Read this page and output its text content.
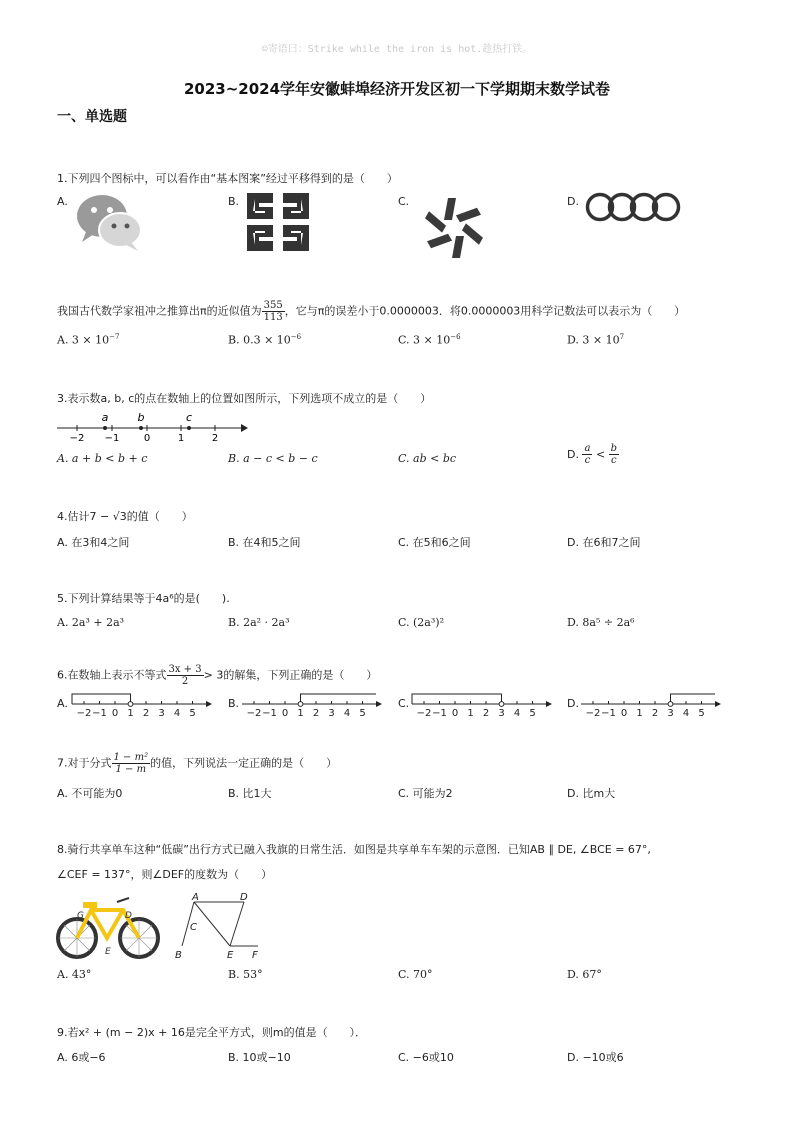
☺寄语曰：Strike while the iron is hot.趁热打铁。
2023~2024学年安徽蚌埠经济开发区初一下学期期末数学试卷
一、单选题
1.下列四个图标中，可以看作由“基本图案”经过平移得到的是（　　）
A.	B.	C.	D.
我国古代数学家祖冲之推算出π的近似值为 $\frac{355}{113}$ ，它与π的误差小于0.0000003．将0.0000003用科学记数法可以表示为（　　）
A. $3 \times 10^{-7}$	B. $0.3 \times 10^{-6}$	C. $3 \times 10^{-6}$	D. $3 \times 10^7$
3.表示数a, b, c的点在数轴上的位置如图所示，下列选项不成立的是（　　）
a	b	c
−2 −1 0	1	2
A. a + b < b + c	B. a − c < b − c	C. ab < bc	D. $\frac{a}{c} < \frac{b}{c}$
4.估计7 − √3的值（　　）
A. 在3和4之间	B. 在4和5之间	C. 在5和6之间	D. 在6和7之间
5.下列计算结果等于4a⁶的是(　　).
A. 2a³ + 2a³	B. 2a² · 2a³	C. (2a³)²	D. 8a⁵ ÷ 2a⁶
6.在数轴上表示不等式 $\frac{3x + 3}{2} > 3$的解集，下列正确的是（　　）
A.	B.	C.	D.
−2 −1 0 1 2 3 4 5	−2 −1 0 1 2 3 4 5	−2 −1 0 1 2 3 4 5	−2 −1 0 1 2 3 4 5
7.对于分式 $\frac{\text{1 − m²}}{1 - m}$ 的值，下列说法一定正确的是（　　）
A. 不可能为0	B. 比1大	C. 可能为2	D. 比m大
8.骑行共享单车这种“低碳”出行方式已融入我旗的日常生活．如图是共享单车车架的示意图．已知AB ∥ DE, ∠BCE = 67°,
∠CEF = 137°，则∠DEF的度数为（　　）
G	D
E
A
B
C
D
E F
A. 43°	B. 53°	C. 70°	D. 67°
9.若x² + (m − 2)x + 16是完全平方式，则m的值是（　　）．
A. 6或−6	B. 10或−10	C. −6或10	D. −10或6
